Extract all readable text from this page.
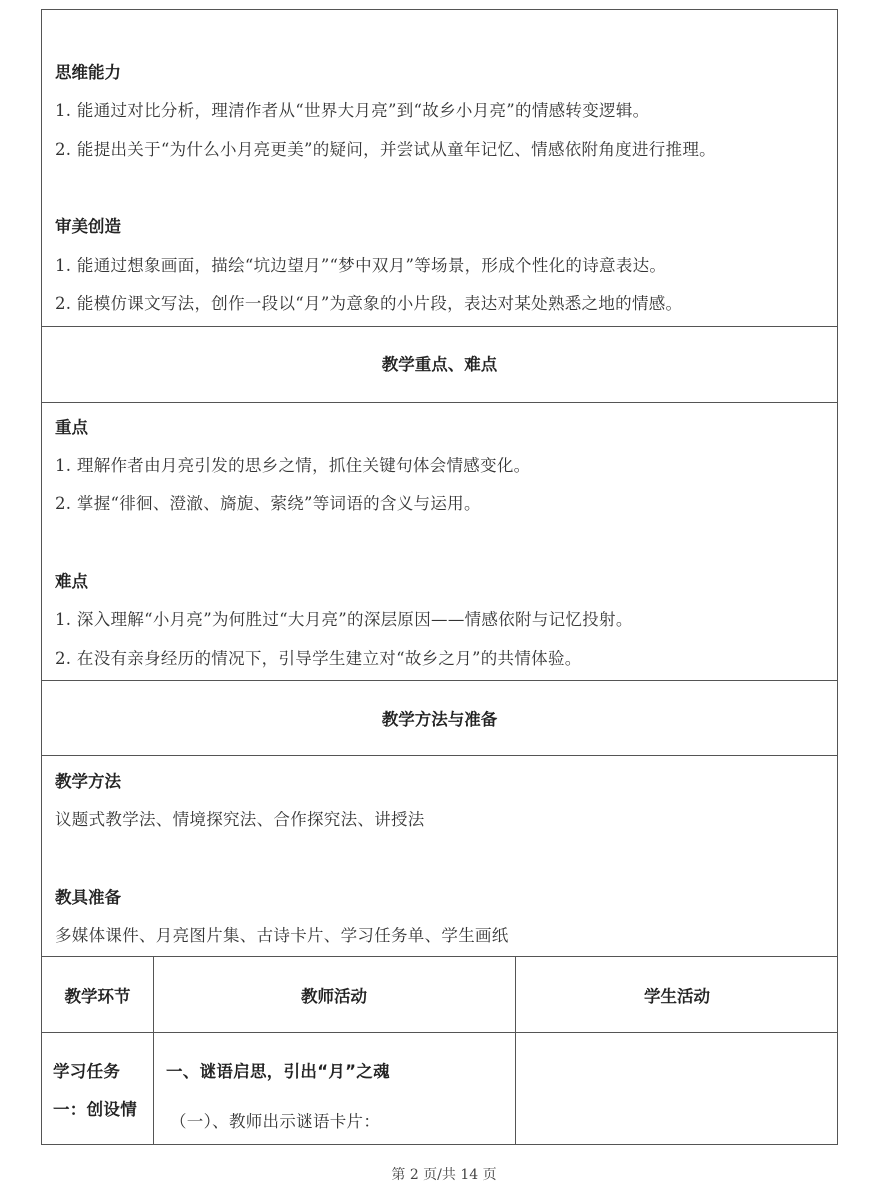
思维能力
1. 能通过对比分析，理清作者从“世界大月亮”到“故乡小月亮”的情感转变逻辑。
2. 能提出关于“为什么小月亮更美”的疑问，并尝试从童年记忆、情感依附角度进行推理。
审美创造
1. 能通过想象画面，描绘“坑边望月”“梦中双月”等场景，形成个性化的诗意表达。
2. 能模仿课文写法，创作一段以“月”为意象的小片段，表达对某处熟悉之地的情感。
教学重点、难点
重点
1. 理解作者由月亮引发的思乡之情，抓住关键句体会情感变化。
2. 掌握“徘徊、澄澈、旖旎、萦绕”等词语的含义与运用。
难点
1. 深入理解“小月亮”为何胜过“大月亮”的深层原因——情感依附与记忆投射。
2. 在没有亲身经历的情况下，引导学生建立对“故乡之月”的共情体验。
教学方法与准备
教学方法
议题式教学法、情境探究法、合作探究法、讲授法
教具准备
多媒体课件、月亮图片集、古诗卡片、学习任务单、学生画纸
教学环节	教师活动	学生活动
学习任务
一：创设情
一、谜语启思，引出“月”之魂
（一）、教师出示谜语卡片：
第 2 页/共 14 页
